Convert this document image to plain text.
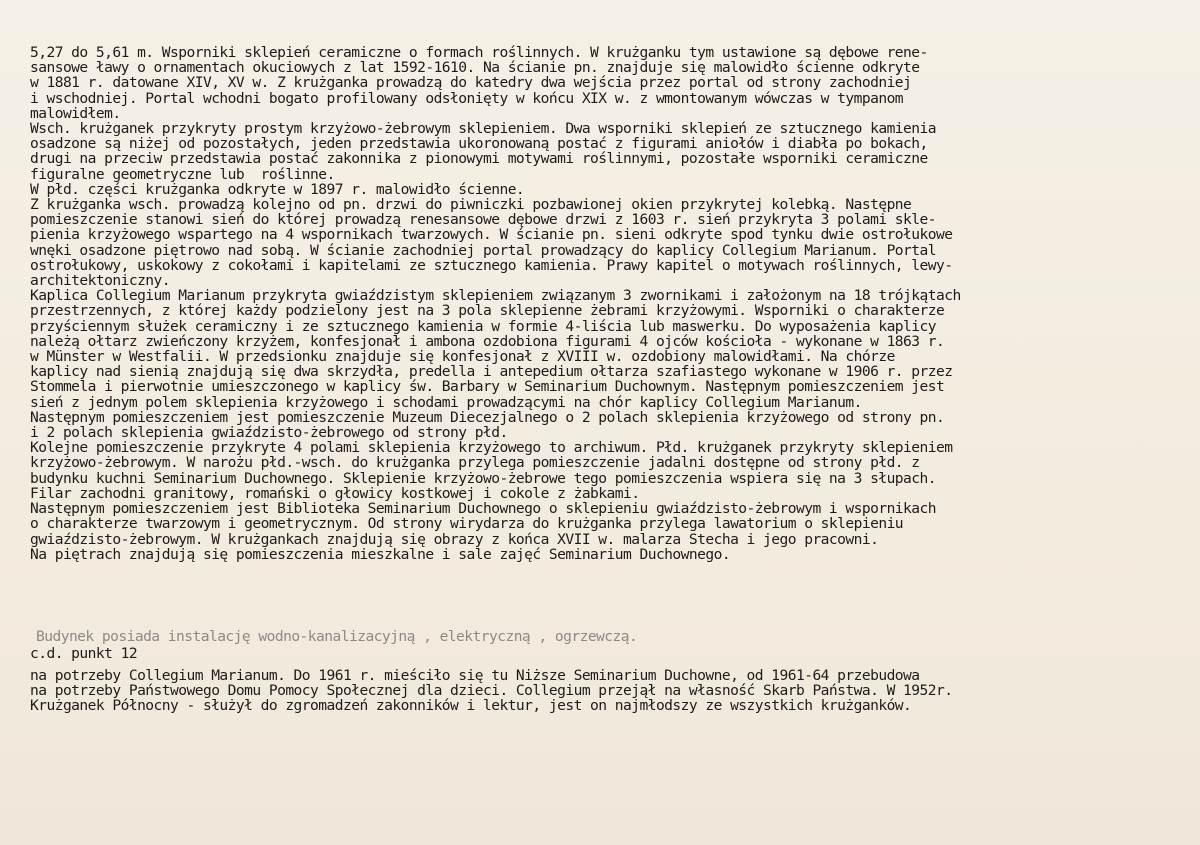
5,27 do 5,61 m. Wsporniki sklepień ceramiczne o formach roślinnych. W krużganku tym ustawione są dębowe rene-
sansowe ławy o ornamentach okuciowych z lat 1592-1610. Na ścianie pn. znajduje się malowidło ścienne odkryte
w 1881 r. datowane XIV, XV w. Z krużganka prowadzą do katedry dwa wejścia przez portal od strony zachodniej
i wschodniej. Portal wchodni bogato profilowany odsłonięty w końcu XIX w. z wmontowanym wówczas w tympanom
malowidłem.
Wsch. krużganek przykryty prostym krzyżowo-żebrowym sklepieniem. Dwa wsporniki sklepień ze sztucznego kamienia
osadzone są niżej od pozostałych, jeden przedstawia ukoronowaną postać z figurami aniołów i diabła po bokach,
drugi na przeciw przedstawia postać zakonnika z pionowymi motywami roślinnymi, pozostałe wsporniki ceramiczne
figuralne geometryczne lub  roślinne.
W płd. części krużganka odkryte w 1897 r. malowidło ścienne.
Z krużganka wsch. prowadzą kolejno od pn. drzwi do piwniczki pozbawionej okien przykrytej kolebką. Następne
pomieszczenie stanowi sień do której prowadzą renesansowe dębowe drzwi z 1603 r. sień przykryta 3 polami skle-
pienia krzyżowego wspartego na 4 wspornikach twarzowych. W ścianie pn. sieni odkryte spod tynku dwie ostrołukowe
wnęki osadzone piętrowo nad sobą. W ścianie zachodniej portal prowadzący do kaplicy Collegium Marianum. Portal
ostrołukowy, uskokowy z cokołami i kapitelami ze sztucznego kamienia. Prawy kapitel o motywach roślinnych, lewy-
architektoniczny.
Kaplica Collegium Marianum przykryta gwiaździstym sklepieniem związanym 3 zwornikami i założonym na 18 trójkątach
przestrzennych, z której każdy podzielony jest na 3 pola sklepienne żebrami krzyżowymi. Wsporniki o charakterze
przyściennym służek ceramiczny i ze sztucznego kamienia w formie 4-liścia lub maswerku. Do wyposażenia kaplicy
należą ołtarz zwieńczony krzyżem, konfesjonał i ambona ozdobiona figurami 4 ojców kościoła - wykonane w 1863 r.
w Münster w Westfalii. W przedsionku znajduje się konfesjonał z XVIII w. ozdobiony malowidłami. Na chórze
kaplicy nad sienią znajdują się dwa skrzydła, predella i antepedium ołtarza szafiastego wykonane w 1906 r. przez
Stommela i pierwotnie umieszczonego w kaplicy św. Barbary w Seminarium Duchownym. Następnym pomieszczeniem jest
sień z jednym polem sklepienia krzyżowego i schodami prowadzącymi na chór kaplicy Collegium Marianum.
Następnym pomieszczeniem jest pomieszczenie Muzeum Diecezjalnego o 2 polach sklepienia krzyżowego od strony pn.
i 2 polach sklepienia gwiaździsto-żebrowego od strony płd.
Kolejne pomieszczenie przykryte 4 polami sklepienia krzyżowego to archiwum. Płd. krużganek przykryty sklepieniem
krzyżowo-żebrowym. W narożu płd.-wsch. do krużganka przylega pomieszczenie jadalni dostępne od strony płd. z
budynku kuchni Seminarium Duchownego. Sklepienie krzyżowo-żebrowe tego pomieszczenia wspiera się na 3 słupach.
Filar zachodni granitowy, romański o głowicy kostkowej i cokole z żabkami.
Następnym pomieszczeniem jest Biblioteka Seminarium Duchownego o sklepieniu gwiaździsto-żebrowym i wspornikach
o charakterze twarzowym i geometrycznym. Od strony wirydarza do krużganka przylega lawatorium o sklepieniu
gwiaździsto-żebrowym. W krużgankach znajdują się obrazy z końca XVII w. malarza Stecha i jego pracowni.
Na piętrach znajdują się pomieszczenia mieszkalne i sale zajęć Seminarium Duchownego.
Budynek posiada instalację wodno-kanalizacyjną , elektryczną , ogrzewczą.
c.d. punkt 12
na potrzeby Collegium Marianum. Do 1961 r. mieściło się tu Niższe Seminarium Duchowne, od 1961-64 przebudowa
na potrzeby Państwowego Domu Pomocy Społecznej dla dzieci. Collegium przejął na własność Skarb Państwa. W 1952r.
Krużganek Północny - służył do zgromadzeń zakonników i lektur, jest on najmłodszy ze wszystkich krużganków.
